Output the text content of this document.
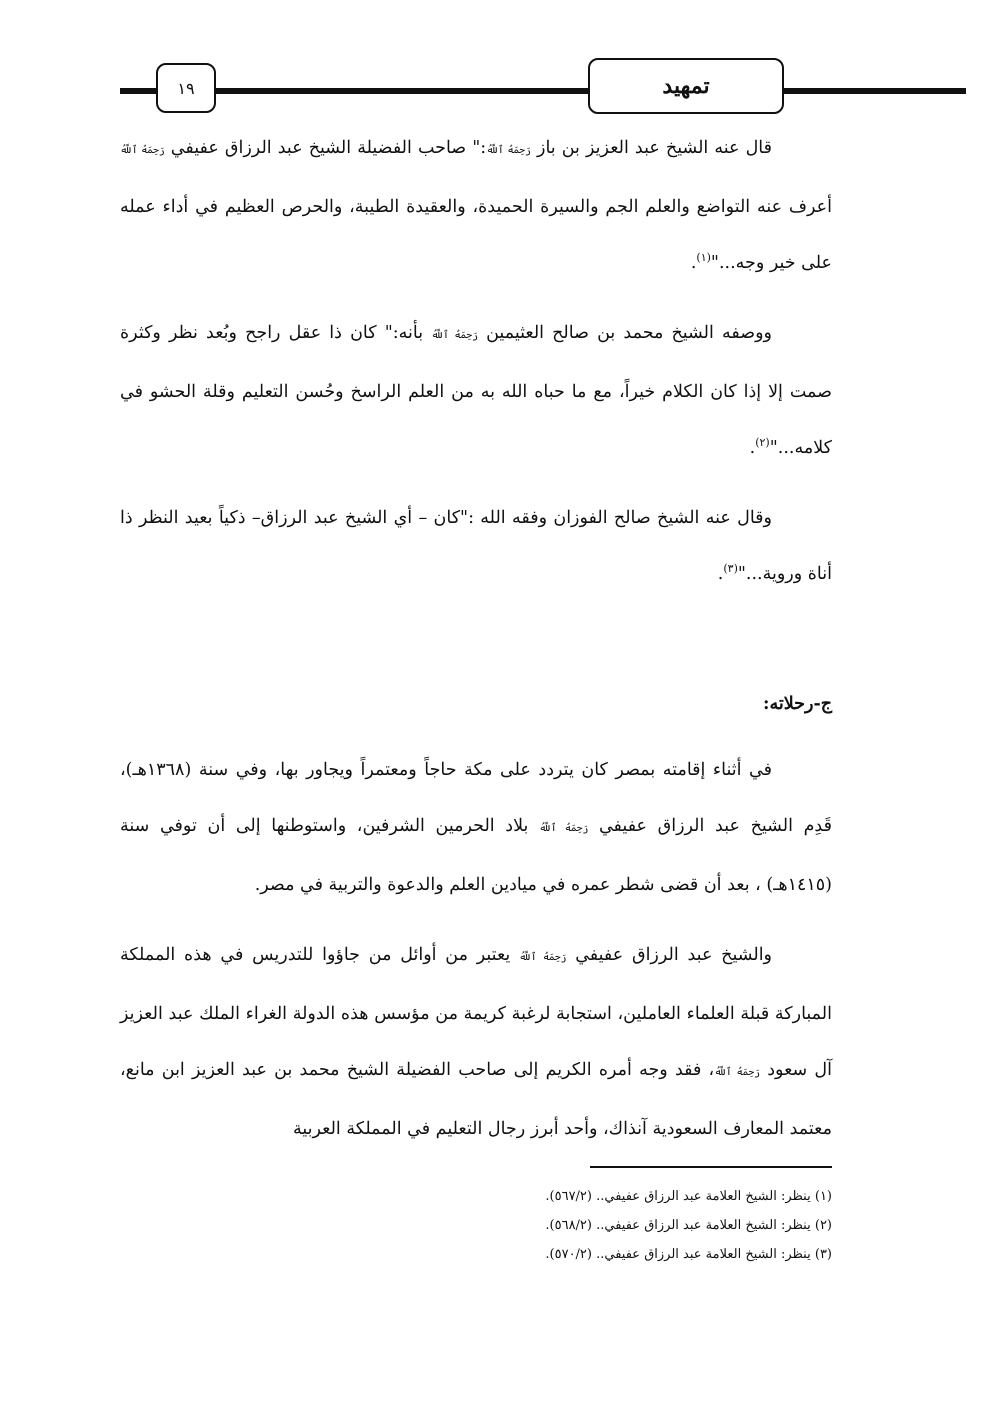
١٩	تمهيد

قال عنه الشيخ عبد العزيز بن باز رَحِمَهُ ٱللَّهُ:" صاحب الفضيلة الشيخ عبد الرزاق عفيفي رَحِمَهُ ٱللَّهُ أعرف عنه التواضع والعلم الجم والسيرة الحميدة، والعقيدة الطيبة، والحرص العظيم في أداء عمله على خير وجه..."$^{(١)}$.

ووصفه الشيخ محمد بن صالح العثيمين رَحِمَهُ ٱللَّهُ بأنه:" كان ذا عقل راجح وبُعد نظر وكثرة صمت إلا إذا كان الكلام خيراً، مع ما حباه الله به من العلم الراسخ وحُسن التعليم وقلة الحشو في كلامه..."$^{(٢)}$.

وقال عنه الشيخ صالح الفوزان وفقه الله :"كان – أي الشيخ عبد الرزاق– ذكياً بعيد النظر ذا أناة وروية..."$^{(٣)}$.

ج-رحلاته:

في أثناء إقامته بمصر كان يتردد على مكة حاجاً ومعتمراً ويجاور بها، وفي سنة (١٣٦٨هـ)، قَدِم الشيخ عبد الرزاق عفيفي رَحِمَهُ ٱللَّهُ بلاد الحرمين الشرفين، واستوطنها إلى أن توفي سنة (١٤١٥هـ) ، بعد أن قضى شطر عمره في ميادين العلم والدعوة والتربية في مصر.

والشيخ عبد الرزاق عفيفي رَحِمَهُ ٱللَّهُ يعتبر من أوائل من جاؤوا للتدريس في هذه المملكة المباركة قبلة العلماء العاملين، استجابة لرغبة كريمة من مؤسس هذه الدولة الغراء الملك عبد العزيز آل سعود رَحِمَهُ ٱللَّهُ، فقد وجه أمره الكريم إلى صاحب الفضيلة الشيخ محمد بن عبد العزيز ابن مانع، معتمد المعارف السعودية آنذاك، وأحد أبرز رجال التعليم في المملكة العربية

(١) ينظر: الشيخ العلامة عبد الرزاق عفيفي.. (٥٦٧/٢).
(٢) ينظر: الشيخ العلامة عبد الرزاق عفيفي.. (٥٦٨/٢).
(٣) ينظر: الشيخ العلامة عبد الرزاق عفيفي.. (٥٧٠/٢).
